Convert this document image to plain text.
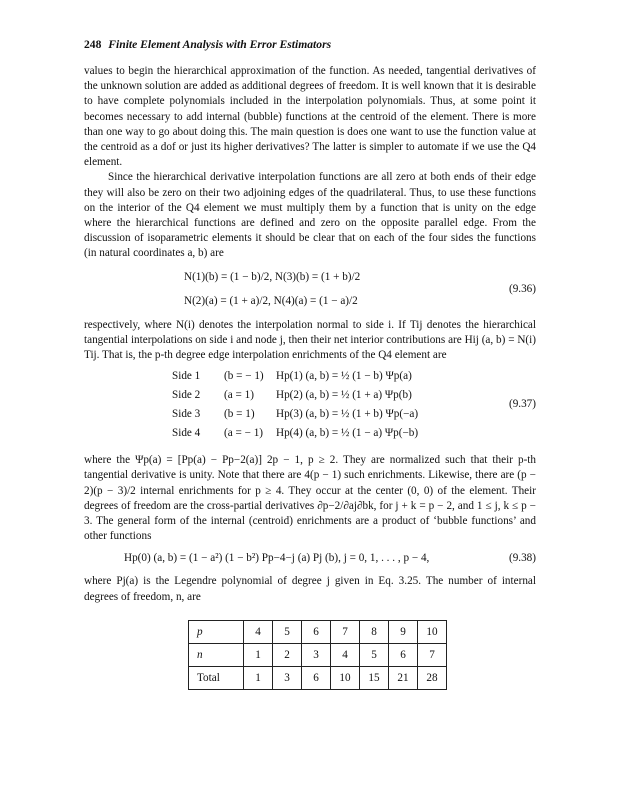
248 Finite Element Analysis with Error Estimators

values to begin the hierarchical approximation of the function. As needed, tangential derivatives of the unknown solution are added as additional degrees of freedom. It is well known that it is desirable to have complete polynomials included in the interpolation polynomials. Thus, at some point it becomes necessary to add internal (bubble) functions at the centroid of the element. There is more than one way to go about doing this. The main question is does one want to use the function value at the centroid as a dof or just its higher derivatives? The latter is simpler to automate if we use the Q4 element.

Since the hierarchical derivative interpolation functions are all zero at both ends of their edge they will also be zero on their two adjoining edges of the quadrilateral. Thus, to use these functions on the interior of the Q4 element we must multiply them by a function that is unity on the edge where the hierarchical functions are defined and zero on the opposite parallel edge. From the discussion of isoparametric elements it should be clear that on each of the four sides the functions (in natural coordinates a, b) are

N(1)(b) = (1 − b)/2, N(3)(b) = (1 + b)/2
N(2)(a) = (1 + a)/2, N(4)(a) = (1 − a)/2
(9.36)

respectively, where N(i) denotes the interpolation normal to side i. If Tij denotes the hierarchical tangential interpolations on side i and node j, then their net interior contributions are Hij (a, b) = N(i) Tij. That is, the p-th degree edge interpolation enrichments of the Q4 element are

Side 1 (b = − 1) Hp(1) (a, b) = ½ (1 − b) Ψp(a)
Side 2 (a = 1) Hp(2) (a, b) = ½ (1 + a) Ψp(b)
Side 3 (b = 1) Hp(3) (a, b) = ½ (1 + b) Ψp(−a)
Side 4 (a = − 1) Hp(4) (a, b) = ½ (1 − a) Ψp(−b)
(9.37)

where the Ψp(a) = [Pp(a) − Pp−2(a)] 2p − 1, p ≥ 2. They are normalized such that their p-th tangential derivative is unity. Note that there are 4(p − 1) such enrichments. Likewise, there are (p − 2)(p − 3)/2 internal enrichments for p ≥ 4. They occur at the center (0, 0) of the element. Their degrees of freedom are the cross-partial derivatives ∂p−2/∂aj∂bk, for j + k = p − 2, and 1 ≤ j, k ≤ p − 3. The general form of the internal (centroid) enrichments are a product of ‘bubble functions’ and other functions

Hp(0) (a, b) = (1 − a²) (1 − b²) Pp−4−j (a) Pj (b), j = 0, 1, . . . , p − 4,	(9.38)

where Pj(a) is the Legendre polynomial of degree j given in Eq. 3.25. The number of internal degrees of freedom, n, are

p	4	5	6	7	8	9	10
n	1	2	3	4	5	6	7
Total	1	3	6	10	15	21	28
